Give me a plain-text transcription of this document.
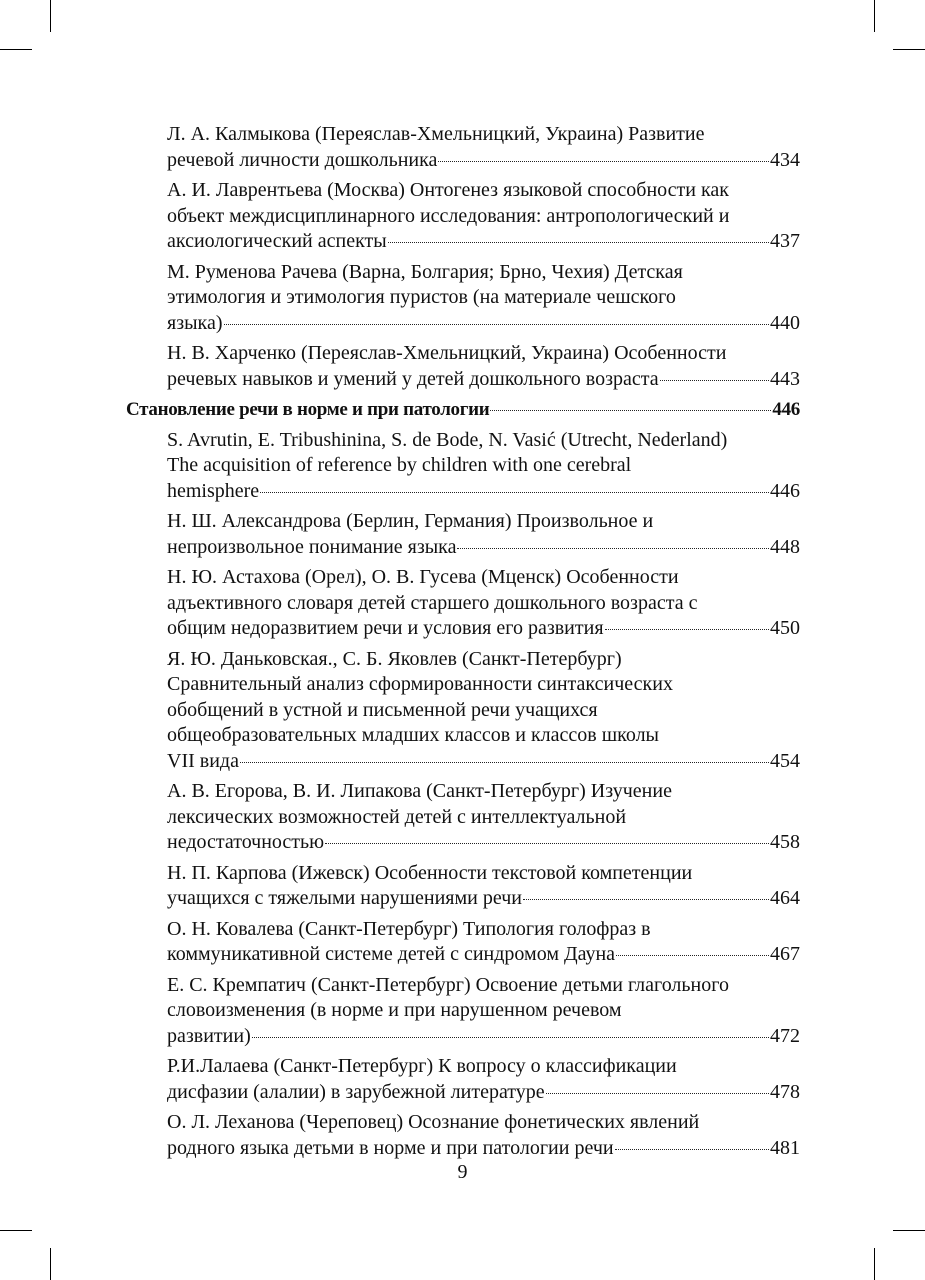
Л. А. Калмыкова (Переяслав-Хмельницкий, Украина) Развитие
речевой личности дошкольника	434
А. И. Лаврентьева (Москва) Онтогенез языковой способности как
объект междисциплинарного исследования: антропологический и
аксиологический аспекты	437
М. Руменова Рачева (Варна, Болгария; Брно, Чехия) Детская
этимология и этимология пуристов (на материале чешского
языка)	440
Н. В. Харченко (Переяслав-Хмельницкий, Украина) Особенности
речевых навыков и умений у детей дошкольного возраста	443
Становление речи в норме и при патологии	446
S. Avrutin, E. Tribushinina, S. de Bode, N. Vasić (Utrecht, Nederland)
The acquisition of reference by children with one cerebral
hemisphere	446
Н. Ш. Александрова (Берлин, Германия) Произвольное и
непроизвольное понимание языка	448
Н. Ю. Астахова (Орел), О. В. Гусева (Мценск) Особенности
адъективного словаря детей старшего дошкольного возраста с
общим недоразвитием речи и условия его развития	450
Я. Ю. Даньковская., С. Б. Яковлев (Санкт-Петербург)
Сравнительный анализ сформированности синтаксических
обобщений в устной и письменной речи учащихся
общеобразовательных младших классов и классов школы
VII вида	454
А. В. Егорова, В. И. Липакова (Санкт-Петербург) Изучение
лексических возможностей детей с интеллектуальной
недостаточностью	458
Н. П. Карпова (Ижевск) Особенности текстовой компетенции
учащихся с тяжелыми нарушениями речи	464
О. Н. Ковалева (Санкт-Петербург) Типология голофраз в
коммуникативной системе детей с синдромом Дауна	467
Е. С. Кремпатич (Санкт-Петербург) Освоение детьми глагольного
словоизменения (в норме и при нарушенном речевом
развитии)	472
Р.И.Лалаева (Санкт-Петербург) К вопросу о классификации
дисфазии (алалии) в зарубежной литературе	478
О. Л. Леханова (Череповец) Осознание фонетических явлений
родного языка детьми в норме и при патологии речи	481
9
